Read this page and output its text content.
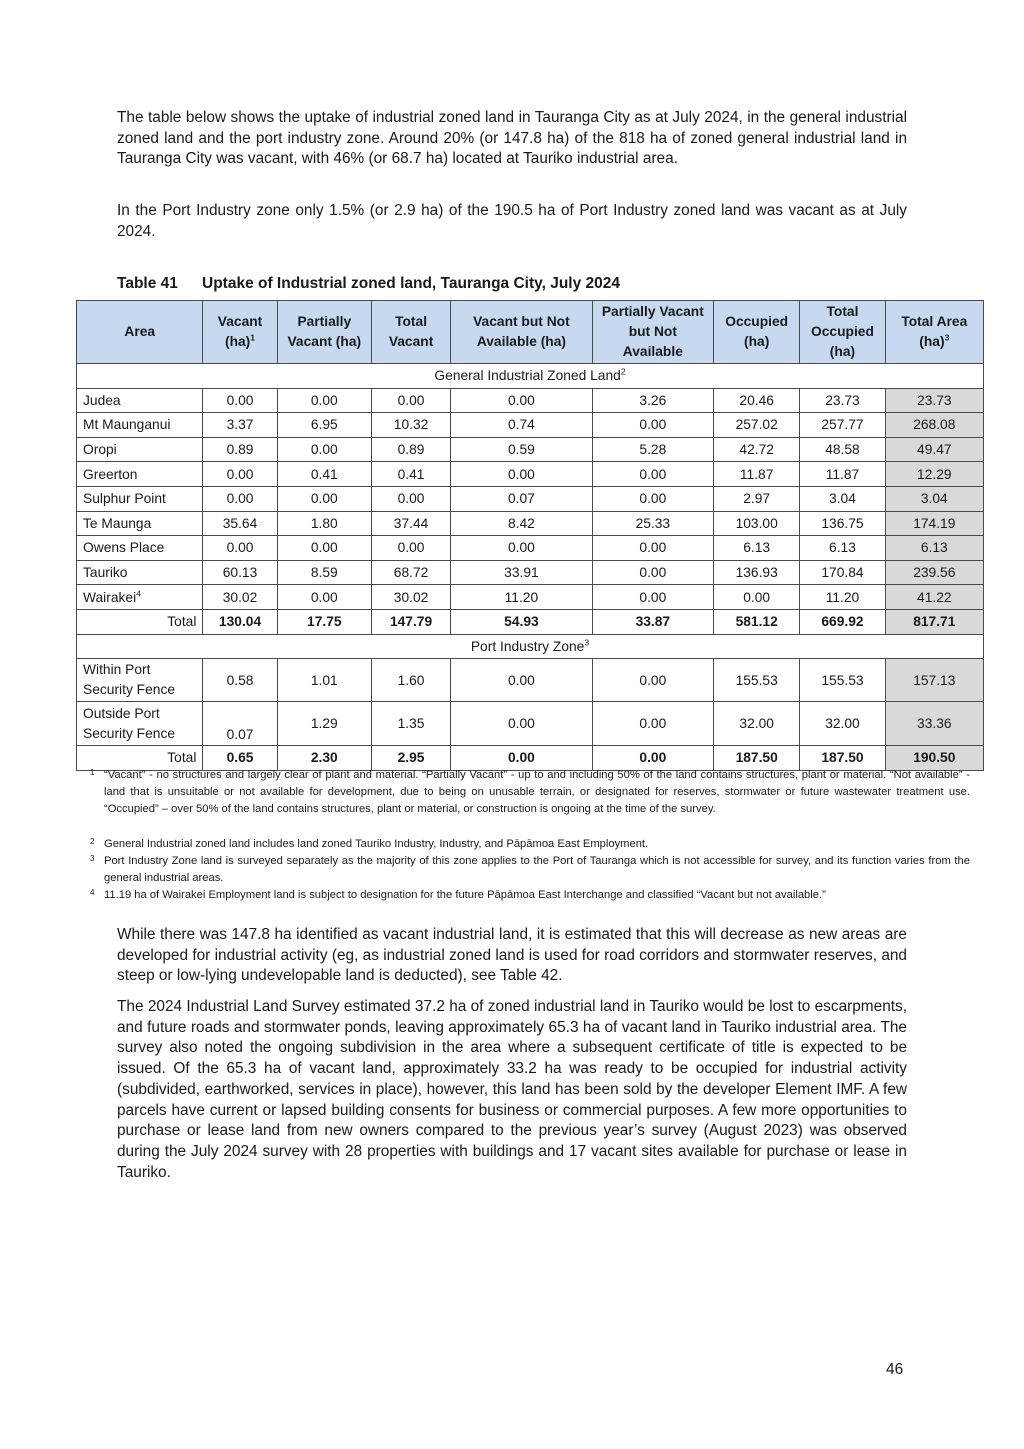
The table below shows the uptake of industrial zoned land in Tauranga City as at July 2024, in the general industrial zoned land and the port industry zone. Around 20% (or 147.8 ha) of the 818 ha of zoned general industrial land in Tauranga City was vacant, with 46% (or 68.7 ha) located at Tauriko industrial area.

In the Port Industry zone only 1.5% (or 2.9 ha) of the 190.5 ha of Port Industry zoned land was vacant as at July 2024.

Table 41 Uptake of Industrial zoned land, Tauranga City, July 2024
Area	Vacant (ha)$^1$	Partially Vacant (ha)	Total Vacant	Vacant but Not Available (ha)	Partially Vacant but Not Available	Occupied (ha)	Total Occupied (ha)	Total Area (ha)$^3$
General Industrial Zoned Land$^2$
Judea	0.00	0.00	0.00	0.00	3.26	20.46	23.73	23.73
Mt Maunganui	3.37	6.95	10.32	0.74	0.00	257.02	257.77	268.08
Oropi	0.89	0.00	0.89	0.59	5.28	42.72	48.58	49.47
Greerton	0.00	0.41	0.41	0.00	0.00	11.87	11.87	12.29
Sulphur Point	0.00	0.00	0.00	0.07	0.00	2.97	3.04	3.04
Te Maunga	35.64	1.80	37.44	8.42	25.33	103.00	136.75	174.19
Owens Place	0.00	0.00	0.00	0.00	0.00	6.13	6.13	6.13
Tauriko	60.13	8.59	68.72	33.91	0.00	136.93	170.84	239.56
Wairakei$^4$	30.02	0.00	30.02	11.20	0.00	0.00	11.20	41.22
Total	130.04	17.75	147.79	54.93	33.87	581.12	669.92	817.71
Port Industry Zone$^3$
Within Port Security Fence	0.58	1.01	1.60	0.00	0.00	155.53	155.53	157.13
Outside Port Security Fence	0.07	1.29	1.35	0.00	0.00	32.00	32.00	33.36
Total	0.65	2.30	2.95	0.00	0.00	187.50	187.50	190.50
1 “Vacant” - no structures and largely clear of plant and material. “Partially Vacant” - up to and including 50% of the land contains structures, plant or material. “Not available” - land that is unsuitable or not available for development, due to being on unusable terrain, or designated for reserves, stormwater or future wastewater treatment use. “Occupied” – over 50% of the land contains structures, plant or material, or construction is ongoing at the time of the survey.
2 General Industrial zoned land includes land zoned Tauriko Industry, Industry, and Pāpāmoa East Employment.
3 Port Industry Zone land is surveyed separately as the majority of this zone applies to the Port of Tauranga which is not accessible for survey, and its function varies from the general industrial areas.
4 11.19 ha of Wairakei Employment land is subject to designation for the future Pāpāmoa East Interchange and classified “Vacant but not available.”

While there was 147.8 ha identified as vacant industrial land, it is estimated that this will decrease as new areas are developed for industrial activity (eg, as industrial zoned land is used for road corridors and stormwater reserves, and steep or low-lying undevelopable land is deducted), see Table 42.

The 2024 Industrial Land Survey estimated 37.2 ha of zoned industrial land in Tauriko would be lost to escarpments, and future roads and stormwater ponds, leaving approximately 65.3 ha of vacant land in Tauriko industrial area. The survey also noted the ongoing subdivision in the area where a subsequent certificate of title is expected to be issued. Of the 65.3 ha of vacant land, approximately 33.2 ha was ready to be occupied for industrial activity (subdivided, earthworked, services in place), however, this land has been sold by the developer Element IMF. A few parcels have current or lapsed building consents for business or commercial purposes. A few more opportunities to purchase or lease land from new owners compared to the previous year’s survey (August 2023) was observed during the July 2024 survey with 28 properties with buildings and 17 vacant sites available for purchase or lease in Tauriko.

46
